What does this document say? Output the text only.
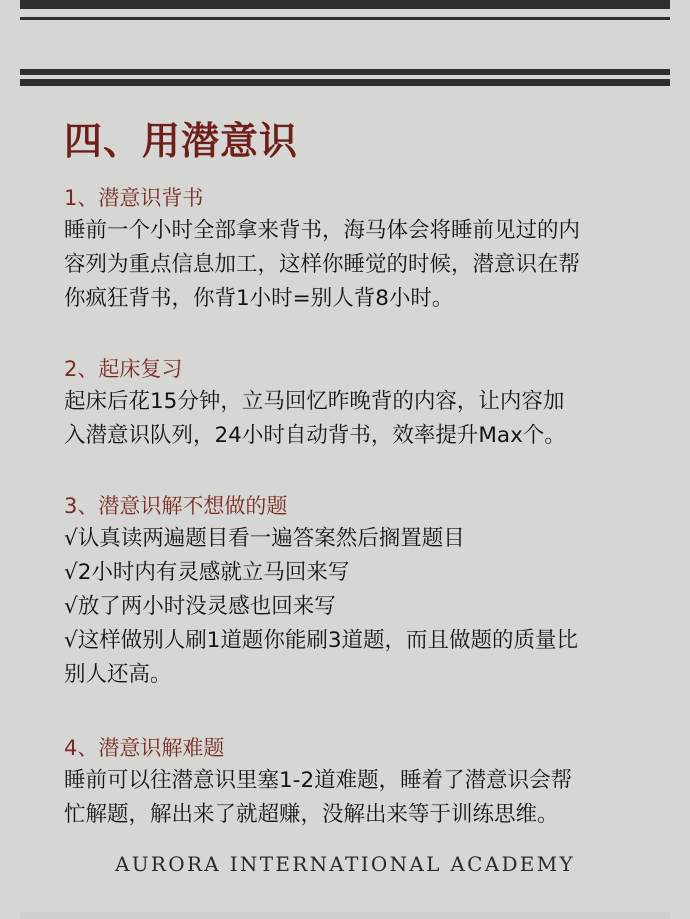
四、用潜意识
1、潜意识背书
睡前一个小时全部拿来背书，海马体会将睡前见过的内
容列为重点信息加工，这样你睡觉的时候，潜意识在帮
你疯狂背书，你背1小时=别人背8小时。
2、起床复习
起床后花15分钟，立马回忆昨晚背的内容，让内容加
入潜意识队列，24小时自动背书，效率提升Max个。
3、潜意识解不想做的题
√认真读两遍题目看一遍答案然后搁置题目
√2小时内有灵感就立马回来写
√放了两小时没灵感也回来写
√这样做别人刷1道题你能刷3道题，而且做题的质量比
别人还高。
4、潜意识解难题
睡前可以往潜意识里塞1-2道难题，睡着了潜意识会帮
忙解题，解出来了就超赚，没解出来等于训练思维。
AURORA INTERNATIONAL ACADEMY
